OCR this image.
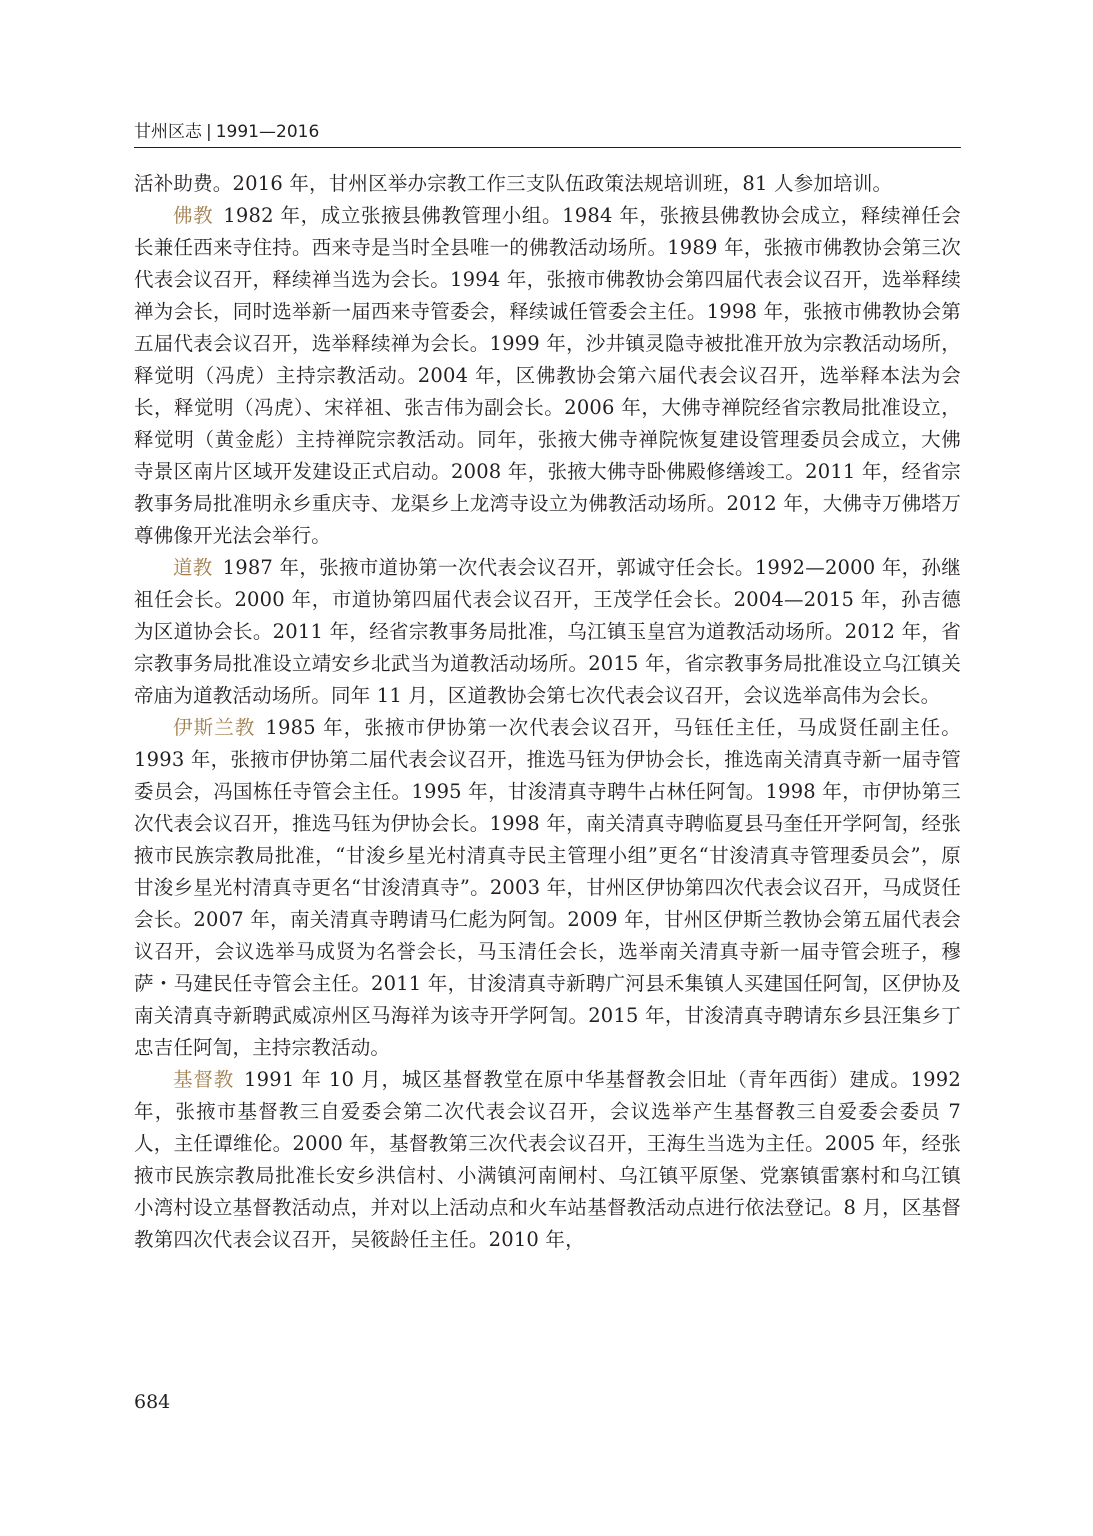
甘州区志 | 1991—2016

活补助费。2016 年，甘州区举办宗教工作三支队伍政策法规培训班，81 人参加培训。

佛教 1982 年，成立张掖县佛教管理小组。1984 年，张掖县佛教协会成立，释续禅任会长兼任西来寺住持。西来寺是当时全县唯一的佛教活动场所。1989 年，张掖市佛教协会第三次代表会议召开，释续禅当选为会长。1994 年，张掖市佛教协会第四届代表会议召开，选举释续禅为会长，同时选举新一届西来寺管委会，释续诚任管委会主任。1998 年，张掖市佛教协会第五届代表会议召开，选举释续禅为会长。1999 年，沙井镇灵隐寺被批准开放为宗教活动场所，释觉明（冯虎）主持宗教活动。2004 年，区佛教协会第六届代表会议召开，选举释本法为会长，释觉明（冯虎）、宋祥祖、张吉伟为副会长。2006 年，大佛寺禅院经省宗教局批准设立，释觉明（黄金彪）主持禅院宗教活动。同年，张掖大佛寺禅院恢复建设管理委员会成立，大佛寺景区南片区域开发建设正式启动。2008 年，张掖大佛寺卧佛殿修缮竣工。2011 年，经省宗教事务局批准明永乡重庆寺、龙渠乡上龙湾寺设立为佛教活动场所。2012 年，大佛寺万佛塔万尊佛像开光法会举行。

道教 1987 年，张掖市道协第一次代表会议召开，郭诚守任会长。1992—2000 年，孙继祖任会长。2000 年，市道协第四届代表会议召开，王茂学任会长。2004—2015 年，孙吉德为区道协会长。2011 年，经省宗教事务局批准，乌江镇玉皇宫为道教活动场所。2012 年，省宗教事务局批准设立靖安乡北武当为道教活动场所。2015 年，省宗教事务局批准设立乌江镇关帝庙为道教活动场所。同年 11 月，区道教协会第七次代表会议召开，会议选举高伟为会长。

伊斯兰教 1985 年，张掖市伊协第一次代表会议召开，马钰任主任，马成贤任副主任。1993 年，张掖市伊协第二届代表会议召开，推选马钰为伊协会长，推选南关清真寺新一届寺管委员会，冯国栋任寺管会主任。1995 年，甘浚清真寺聘牛占林任阿訇。1998 年，市伊协第三次代表会议召开，推选马钰为伊协会长。1998 年，南关清真寺聘临夏县马奎任开学阿訇，经张掖市民族宗教局批准，“甘浚乡星光村清真寺民主管理小组”更名“甘浚清真寺管理委员会”，原甘浚乡星光村清真寺更名“甘浚清真寺”。2003 年，甘州区伊协第四次代表会议召开，马成贤任会长。2007 年，南关清真寺聘请马仁彪为阿訇。2009 年，甘州区伊斯兰教协会第五届代表会议召开，会议选举马成贤为名誉会长，马玉清任会长，选举南关清真寺新一届寺管会班子，穆萨・马建民任寺管会主任。2011 年，甘浚清真寺新聘广河县禾集镇人买建国任阿訇，区伊协及南关清真寺新聘武威凉州区马海祥为该寺开学阿訇。2015 年，甘浚清真寺聘请东乡县汪集乡丁忠吉任阿訇，主持宗教活动。

基督教 1991 年 10 月，城区基督教堂在原中华基督教会旧址（青年西街）建成。1992 年，张掖市基督教三自爱委会第二次代表会议召开，会议选举产生基督教三自爱委会委员 7 人，主任谭维伦。2000 年，基督教第三次代表会议召开，王海生当选为主任。2005 年，经张掖市民族宗教局批准长安乡洪信村、小满镇河南闸村、乌江镇平原堡、党寨镇雷寨村和乌江镇小湾村设立基督教活动点，并对以上活动点和火车站基督教活动点进行依法登记。8 月，区基督教第四次代表会议召开，吴筱龄任主任。2010 年，

684
